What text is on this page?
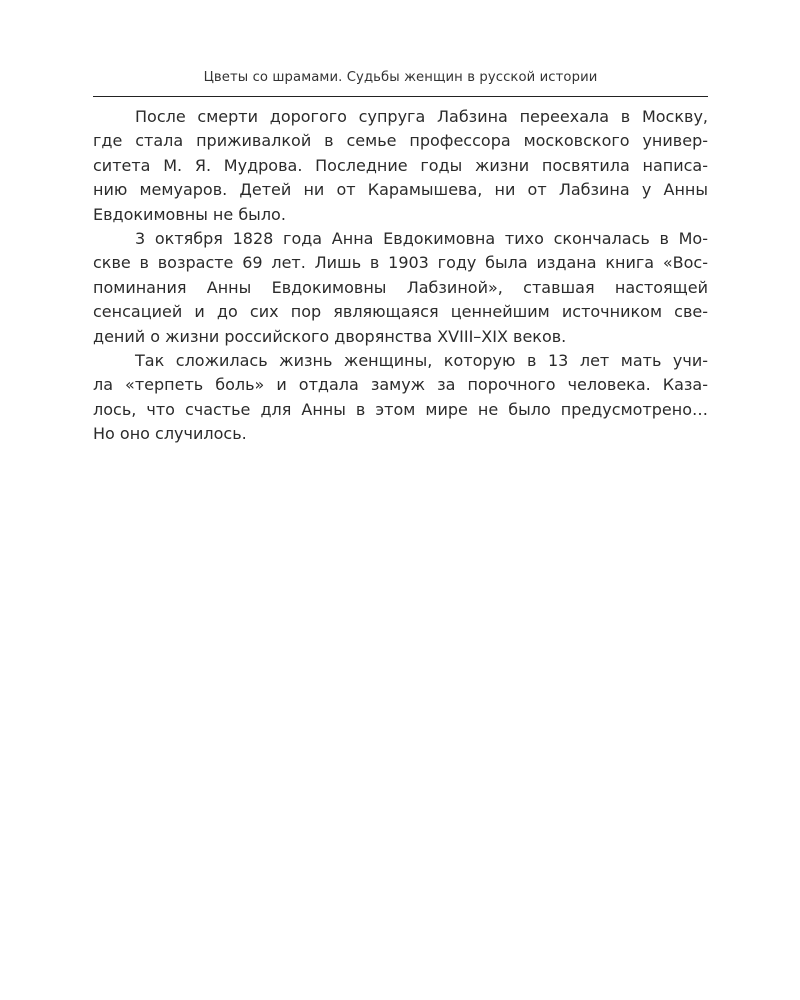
Цветы со шрамами. Судьбы женщин в русской истории
После смерти дорогого супруга Лабзина переехала в Москву,
где стала приживалкой в семье профессора московского универ-
ситета М. Я. Мудрова. Последние годы жизни посвятила написа-
нию мемуаров. Детей ни от Карамышева, ни от Лабзина у Анны
Евдокимовны не было.
3 октября 1828 года Анна Евдокимовна тихо скончалась в Мо-
скве в возрасте 69 лет. Лишь в 1903 году была издана книга «Вос-
поминания Анны Евдокимовны Лабзиной», ставшая настоящей
сенсацией и до сих пор являющаяся ценнейшим источником све-
дений о жизни российского дворянства XVIII–XIX веков.
Так сложилась жизнь женщины, которую в 13 лет мать учи-
ла «терпеть боль» и отдала замуж за порочного человека. Каза-
лось, что счастье для Анны в этом мире не было предусмотрено…
Но оно случилось.
